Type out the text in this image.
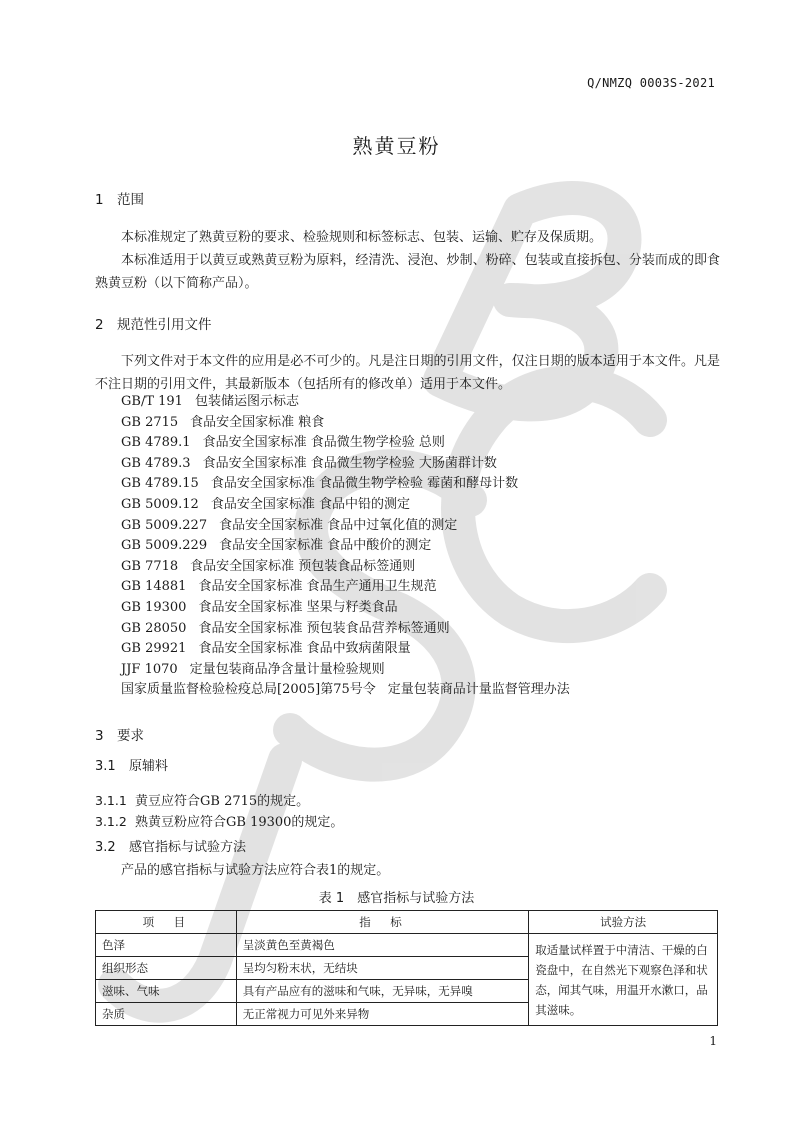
Q/NMZQ 0003S-2021
熟黄豆粉
1 范围

本标准规定了熟黄豆粉的要求、检验规则和标签标志、包装、运输、贮存及保质期。

本标准适用于以黄豆或熟黄豆粉为原料，经清洗、浸泡、炒制、粉碎、包装或直接拆包、分装而成的即食熟黄豆粉（以下简称产品）。

2 规范性引用文件

下列文件对于本文件的应用是必不可少的。凡是注日期的引用文件，仅注日期的版本适用于本文件。凡是不注日期的引用文件，其最新版本（包括所有的修改单）适用于本文件。

GB/T 191 包装储运图示标志
GB 2715 食品安全国家标准 粮食
GB 4789.1 食品安全国家标准 食品微生物学检验 总则
GB 4789.3 食品安全国家标准 食品微生物学检验 大肠菌群计数
GB 4789.15 食品安全国家标准 食品微生物学检验 霉菌和酵母计数
GB 5009.12 食品安全国家标准 食品中铅的测定
GB 5009.227 食品安全国家标准 食品中过氧化值的测定
GB 5009.229 食品安全国家标准 食品中酸价的测定
GB 7718 食品安全国家标准 预包装食品标签通则
GB 14881 食品安全国家标准 食品生产通用卫生规范
GB 19300 食品安全国家标准 坚果与籽类食品
GB 28050 食品安全国家标准 预包装食品营养标签通则
GB 29921 食品安全国家标准 食品中致病菌限量
JJF 1070 定量包装商品净含量计量检验规则
国家质量监督检验检疫总局[2005]第75号令 定量包装商品计量监督管理办法
3 要求
3.1 原辅料
3.1.1 黄豆应符合GB 2715的规定。
3.1.2 熟黄豆粉应符合GB 19300的规定。
3.2 感官指标与试验方法

产品的感官指标与试验方法应符合表1的规定。

表 1　感官指标与试验方法
项　目	指　标	试验方法
色泽	呈淡黄色至黄褐色	取适量试样置于中清洁、干燥的白瓷盘中，在自然光下观察色泽和状态，闻其气味，用温开水漱口，品其滋味。
组织形态	呈均匀粉末状，无结块	
滋味、气味	具有产品应有的滋味和气味，无异味，无异嗅	
杂质	无正常视力可见外来异物	
1
